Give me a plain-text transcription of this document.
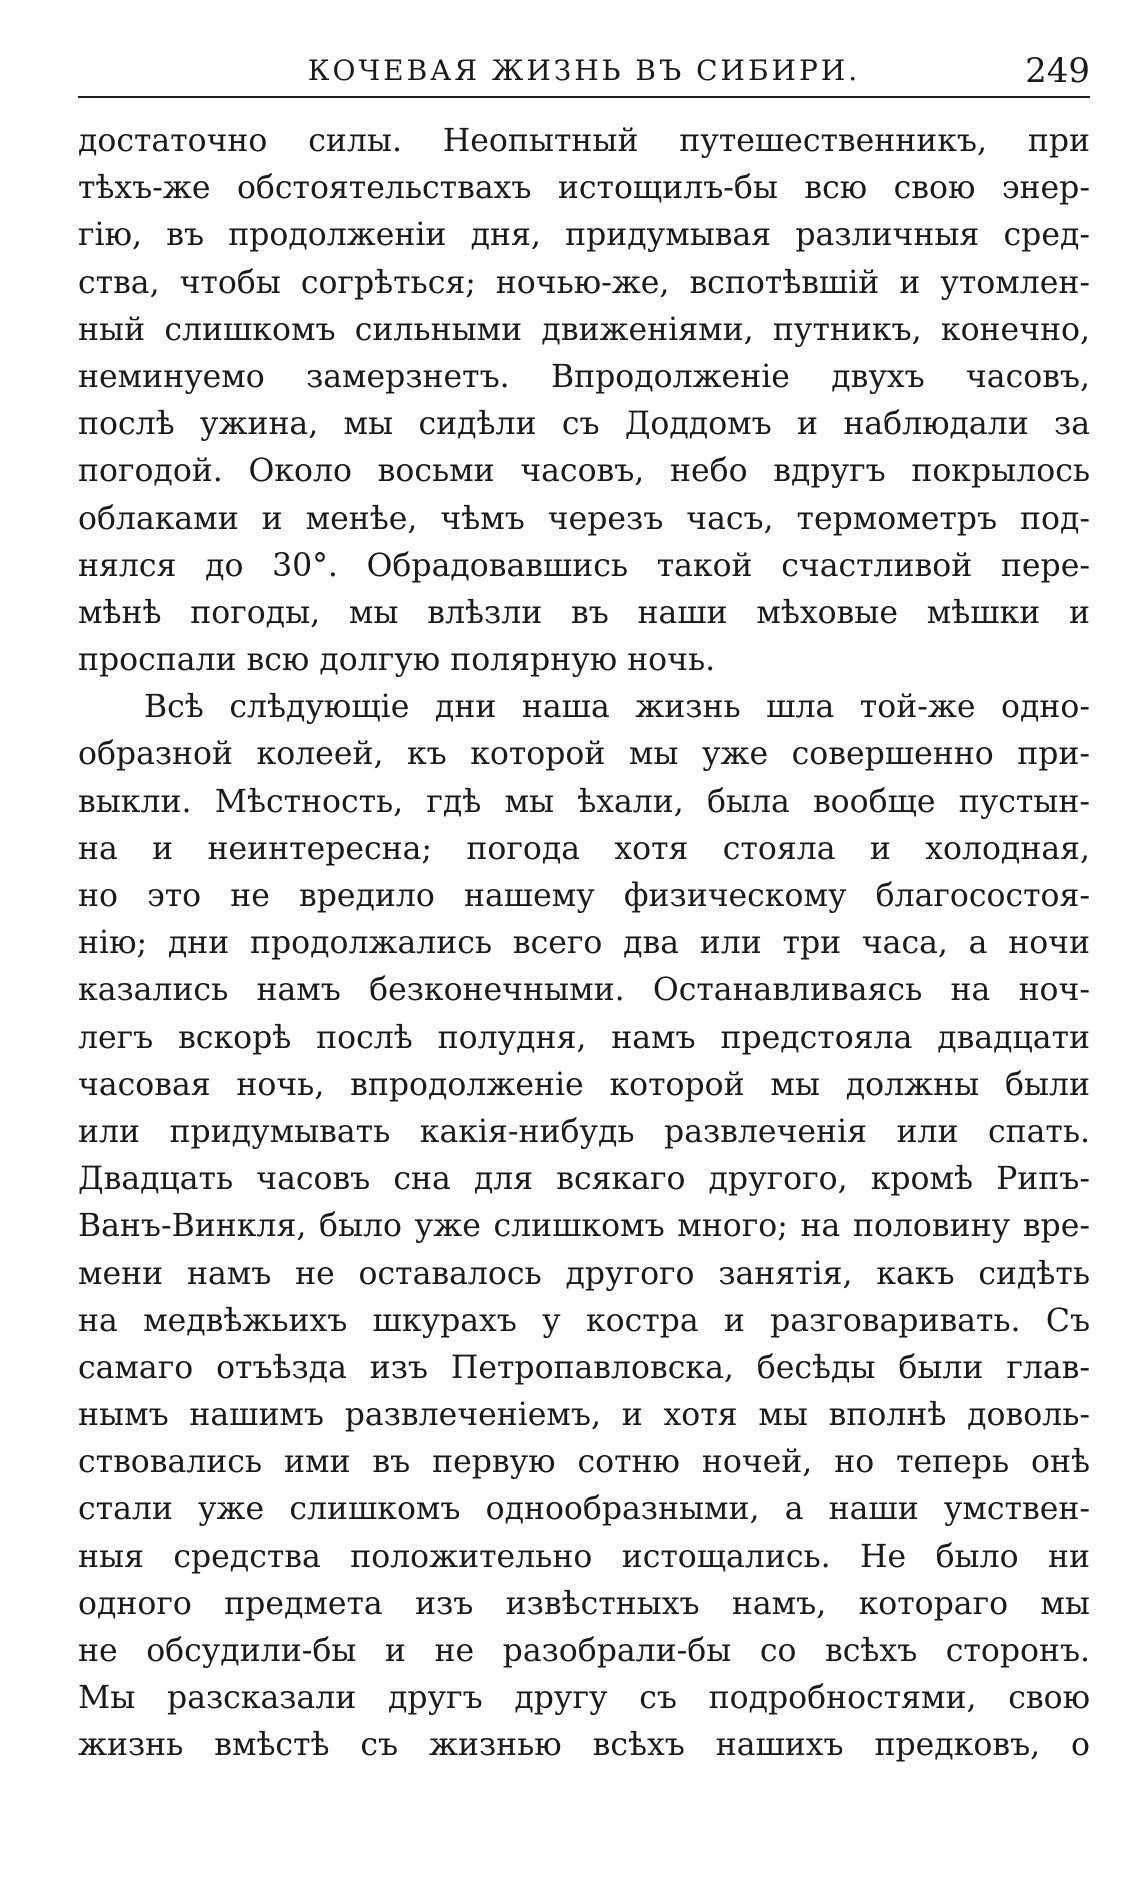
КОЧЕВАЯ ЖИЗНЬ ВЪ СИБИРИ.	249
достаточно силы. Неопытный путешественникъ, при
тѣхъ-же обстоятельствахъ истощилъ-бы всю свою энер-
гію, въ продолженіи дня, придумывая различныя сред-
ства, чтобы согрѣться; ночью-же, вспотѣвшій и утомлен-
ный слишкомъ сильными движеніями, путникъ, конечно,
неминуемо замерзнетъ. Впродолженіе двухъ часовъ,
послѣ ужина, мы сидѣли съ Доддомъ и наблюдали за
погодой. Около восьми часовъ, небо вдругъ покрылось
облаками и менѣе, чѣмъ черезъ часъ, термометръ под-
нялся до 30°. Обрадовавшись такой счастливой пере-
мѣнѣ погоды, мы влѣзли въ наши мѣховые мѣшки и
проспали всю долгую полярную ночь.
Всѣ слѣдующіе дни наша жизнь шла той-же одно-
образной колеей, къ которой мы уже совершенно при-
выкли. Мѣстность, гдѣ мы ѣхали, была вообще пустын-
на и неинтересна; погода хотя стояла и холодная,
но это не вредило нашему физическому благосостоя-
нію; дни продолжались всего два или три часа, а ночи
казались намъ безконечными. Останавливаясь на ноч-
легъ вскорѣ послѣ полудня, намъ предстояла двадцати
часовая ночь, впродолженіе которой мы должны были
или придумывать какія-нибудь развлеченія или спать.
Двадцать часовъ сна для всякаго другого, кромѣ Рипъ-
Ванъ-Винкля, было уже слишкомъ много; на половину вре-
мени намъ не оставалось другого занятія, какъ сидѣть
на медвѣжьихъ шкурахъ у костра и разговаривать. Съ
самаго отъѣзда изъ Петропавловска, бесѣды были глав-
нымъ нашимъ развлеченіемъ, и хотя мы вполнѣ доволь-
ствовались ими въ первую сотню ночей, но теперь онѣ
стали уже слишкомъ однообразными, а наши умствен-
ныя средства положительно истощались. Не было ни
одного предмета изъ извѣстныхъ намъ, котораго мы
не обсудили-бы и не разобрали-бы со всѣхъ сторонъ.
Мы разсказали другъ другу съ подробностями, свою
жизнь вмѣстѣ съ жизнью всѣхъ нашихъ предковъ, о
